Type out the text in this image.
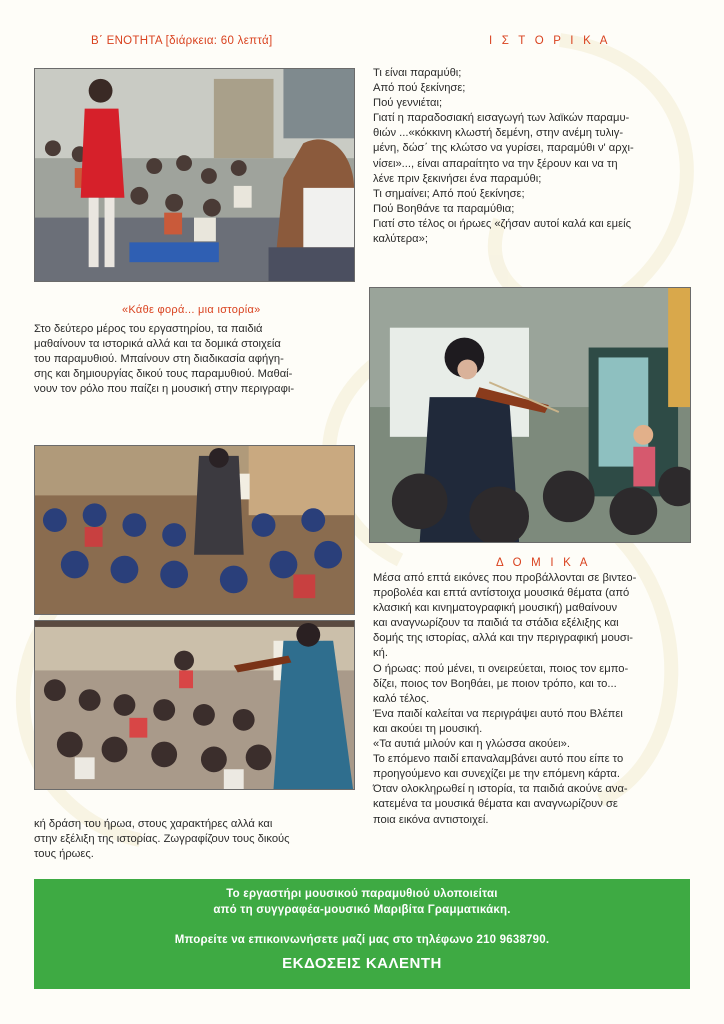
Β΄ ΕΝΟΤΗΤΑ [διάρκεια: 60 λεπτά]	Ι Σ Τ Ο Ρ Ι Κ Α

Τι είναι παραμύθι;

Από πού ξεκίνησε;

Πού γεννιέται;

Γιατί η παραδοσιακή εισαγωγή των λαϊκών παραμυ-

θιών ...«κόκκινη κλωστή δεμένη, στην ανέμη τυλιγ-

μένη, δώσ΄ της κλώτσο να γυρίσει, παραμύθι ν' αρχι-

νίσει»..., είναι απαραίτητο να την ξέρουν και να τη

λένε πριν ξεκινήσει ένα παραμύθι;

Τι σημαίνει; Από πού ξεκίνησε;

Πού Βοηθάνε τα παραμύθια;

Γιατί στο τέλος οι ήρωες «ζήσαν αυτοί καλά και εμείς

καλύτερα»;

«Κάθε φορά... μια ιστορία»

Στο δεύτερο μέρος του εργαστηρίου, τα παιδιά

μαθαίνουν τα ιστορικά αλλά και τα δομικά στοιχεία

του παραμυθιού. Μπαίνουν στη διαδικασία αφήγη-

σης και δημιουργίας δικού τους παραμυθιού. Μαθαί-

νουν τον ρόλο που παίζει η μουσική στην περιγραφι-

Δ Ο Μ Ι Κ Α

Μέσα από επτά εικόνες που προβάλλονται σε βιντεο-

προβολέα και επτά αντίστοιχα μουσικά θέματα (από

κλασική και κινηματογραφική μουσική) μαθαίνουν

και αναγνωρίζουν τα παιδιά τα στάδια εξέλιξης και

δομής της ιστορίας, αλλά και την περιγραφική μουσι-

κή.

Ο ήρωας: πού μένει, τι ονειρεύεται, ποιος τον εμπο-

δίζει, ποιος τον Βοηθάει, με ποιον τρόπο, και το...

καλό τέλος.

Ένα παιδί καλείται να περιγράψει αυτό που Βλέπει

και ακούει τη μουσική.

«Τα αυτιά μιλούν και η γλώσσα ακούει».

Το επόμενο παιδί επαναλαμβάνει αυτό που είπε το

προηγούμενο και συνεχίζει με την επόμενη κάρτα.

Όταν ολοκληρωθεί η ιστορία, τα παιδιά ακούνε ανα-

κατεμένα τα μουσικά θέματα και αναγνωρίζουν σε

ποια εικόνα αντιστοιχεί.

κή δράση του ήρωα, στους χαρακτήρες αλλά και

στην εξέλιξη της ιστορίας. Ζωγραφίζουν τους δικούς

τους ήρωες.

Το εργαστήρι μουσικού παραμυθιού υλοποιείται
από τη συγγραφέα-μουσικό Μαριβίτα Γραμματικάκη.
Μπορείτε να επικοινωνήσετε μαζί μας στο τηλέφωνο 210 9638790.
ΕΚΔΟΣΕΙΣ ΚΑΛΕΝΤΗ
